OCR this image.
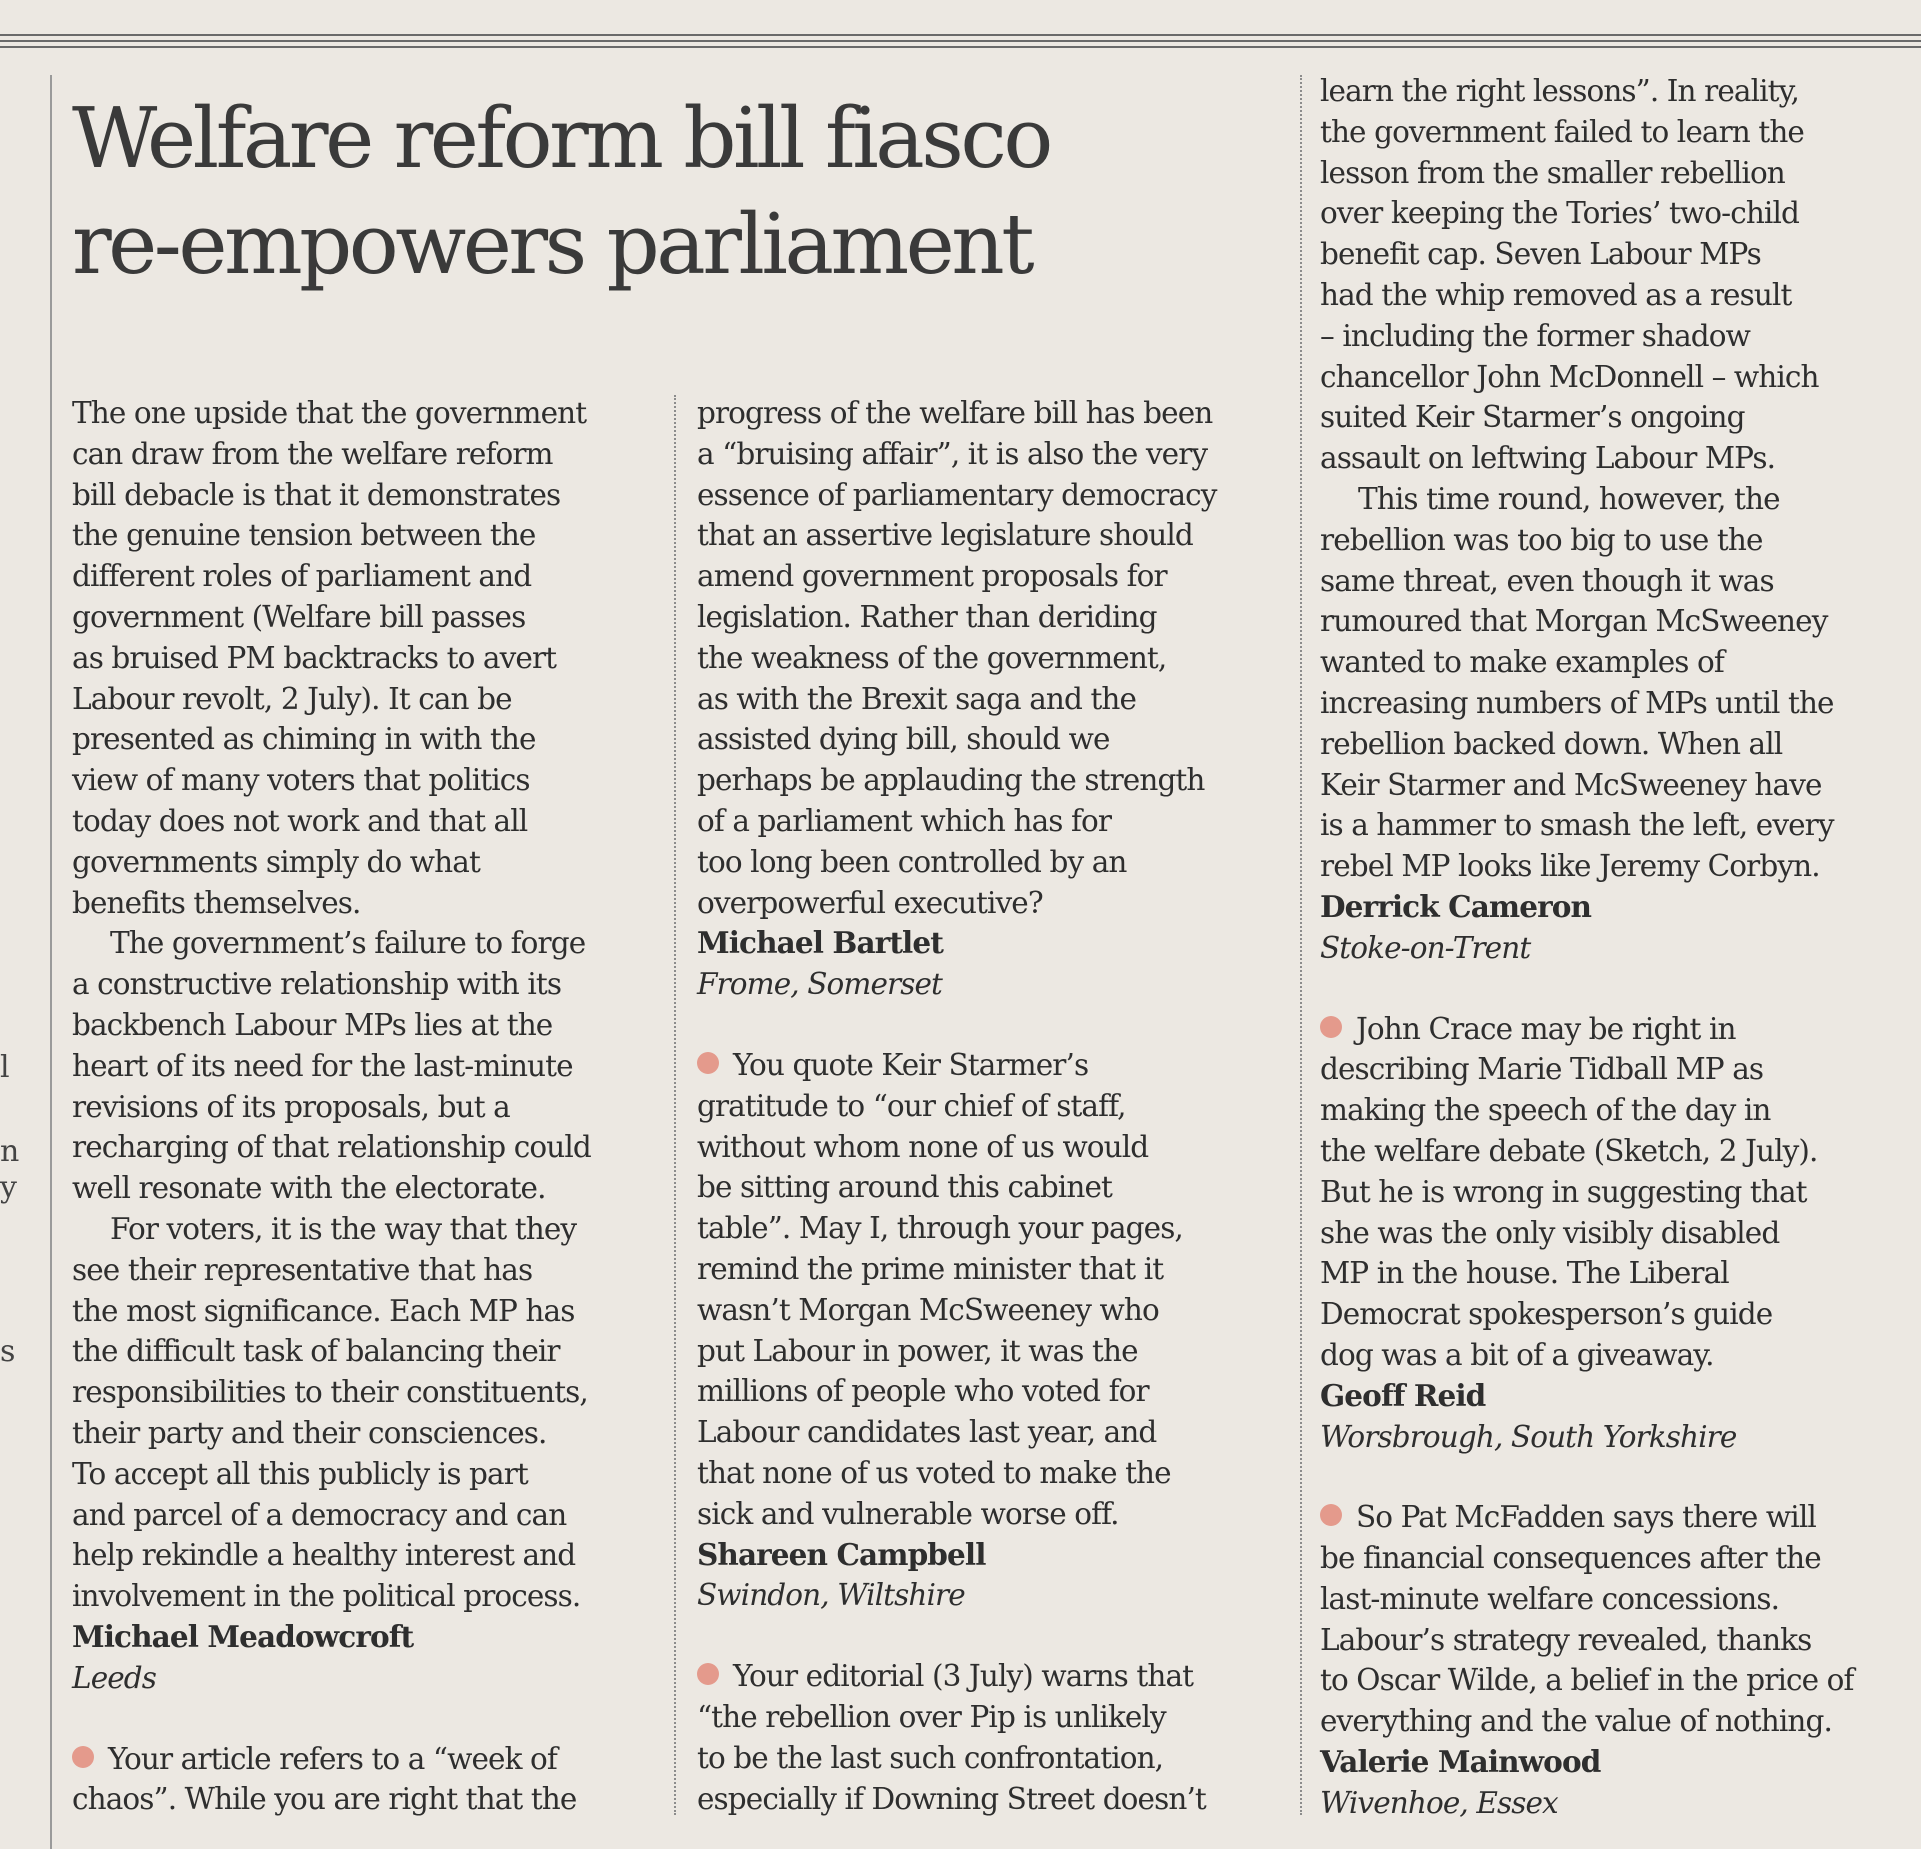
l
n
y
s
Welfare reform bill fiasco
re-empowers parliament

The one upside that the government
can draw from the welfare reform
bill debacle is that it demonstrates
the genuine tension between the
different roles of parliament and
government (Welfare bill passes
as bruised PM backtracks to avert
Labour revolt, 2 July). It can be
presented as chiming in with the
view of many voters that politics
today does not work and that all
governments simply do what
benefits themselves.

The government’s failure to forge
a constructive relationship with its
backbench Labour MPs lies at the
heart of its need for the last-minute
revisions of its proposals, but a
recharging of that relationship could
well resonate with the electorate.

For voters, it is the way that they
see their representative that has
the most significance. Each MP has
the difficult task of balancing their
responsibilities to their constituents,
their party and their consciences.
To accept all this publicly is part
and parcel of a democracy and can
help rekindle a healthy interest and
involvement in the political process.

Michael Meadowcroft
Leeds

Your article refers to a “week of
chaos”. While you are right that the

progress of the welfare bill has been
a “bruising affair”, it is also the very
essence of parliamentary democracy
that an assertive legislature should
amend government proposals for
legislation. Rather than deriding
the weakness of the government,
as with the Brexit saga and the
assisted dying bill, should we
perhaps be applauding the strength
of a parliament which has for
too long been controlled by an
overpowerful executive?

Michael Bartlet
Frome, Somerset

You quote Keir Starmer’s
gratitude to “our chief of staff,
without whom none of us would
be sitting around this cabinet
table”. May I, through your pages,
remind the prime minister that it
wasn’t Morgan McSweeney who
put Labour in power, it was the
millions of people who voted for
Labour candidates last year, and
that none of us voted to make the
sick and vulnerable worse off.

Shareen Campbell
Swindon, Wiltshire

Your editorial (3 July) warns that
“the rebellion over Pip is unlikely
to be the last such confrontation,
especially if Downing Street doesn’t

learn the right lessons”. In reality,
the government failed to learn the
lesson from the smaller rebellion
over keeping the Tories’ two-child
benefit cap. Seven Labour MPs
had the whip removed as a result
– including the former shadow
chancellor John McDonnell – which
suited Keir Starmer’s ongoing
assault on leftwing Labour MPs.

This time round, however, the
rebellion was too big to use the
same threat, even though it was
rumoured that Morgan McSweeney
wanted to make examples of
increasing numbers of MPs until the
rebellion backed down. When all
Keir Starmer and McSweeney have
is a hammer to smash the left, every
rebel MP looks like Jeremy Corbyn.

Derrick Cameron
Stoke-on-Trent

John Crace may be right in
describing Marie Tidball MP as
making the speech of the day in
the welfare debate (Sketch, 2 July).
But he is wrong in suggesting that
she was the only visibly disabled
MP in the house. The Liberal
Democrat spokesperson’s guide
dog was a bit of a giveaway.

Geoff Reid
Worsbrough, South Yorkshire

So Pat McFadden says there will
be financial consequences after the
last-minute welfare concessions.
Labour’s strategy revealed, thanks
to Oscar Wilde, a belief in the price of
everything and the value of nothing.

Valerie Mainwood
Wivenhoe, Essex
